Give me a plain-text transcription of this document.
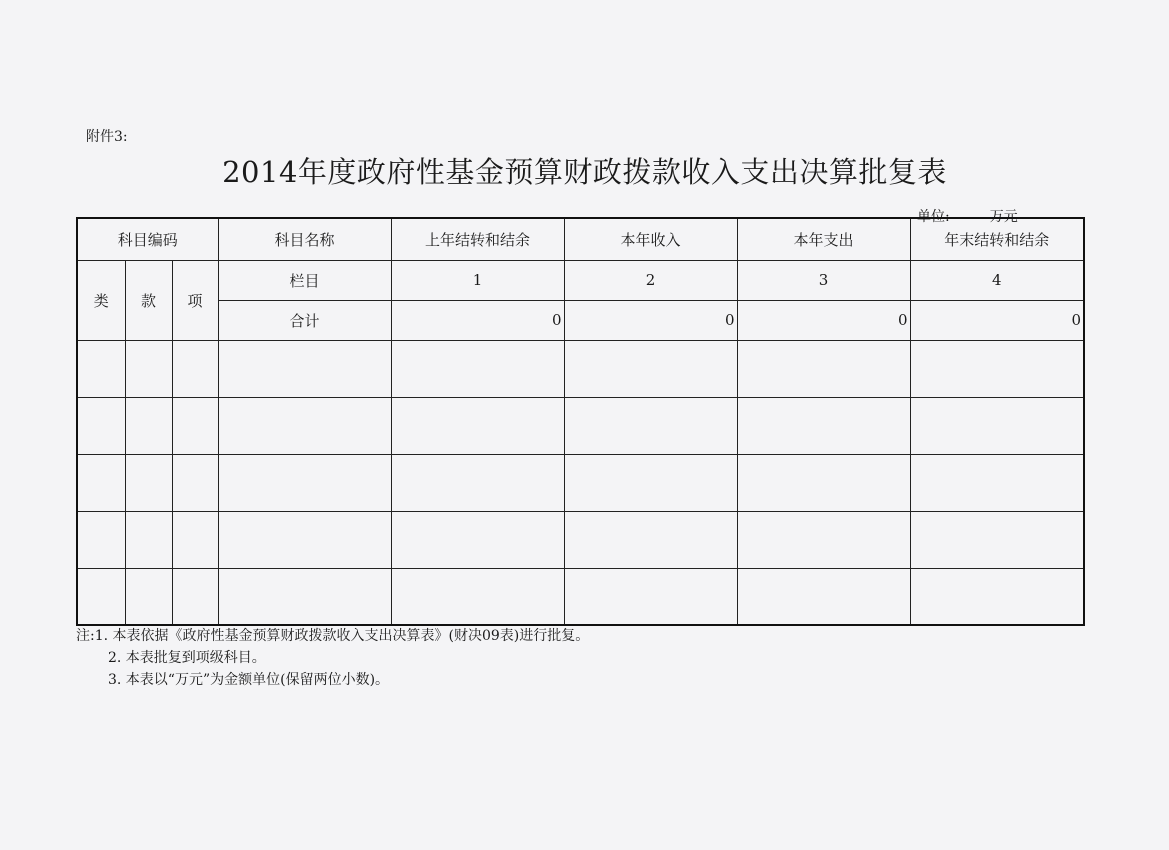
附件3:
2014年度政府性基金预算财政拨款收入支出决算批复表
单位:	万元
科目编码			科目名称	上年结转和结余	本年收入	本年支出	年末结转和结余
类	款	项	栏目	1	2	3	4
			合计	0	0	0	0

注:1. 本表依据《政府性基金预算财政拨款收入支出决算表》(财决09表)进行批复。
2. 本表批复到项级科目。
3. 本表以“万元”为金额单位(保留两位小数)。
